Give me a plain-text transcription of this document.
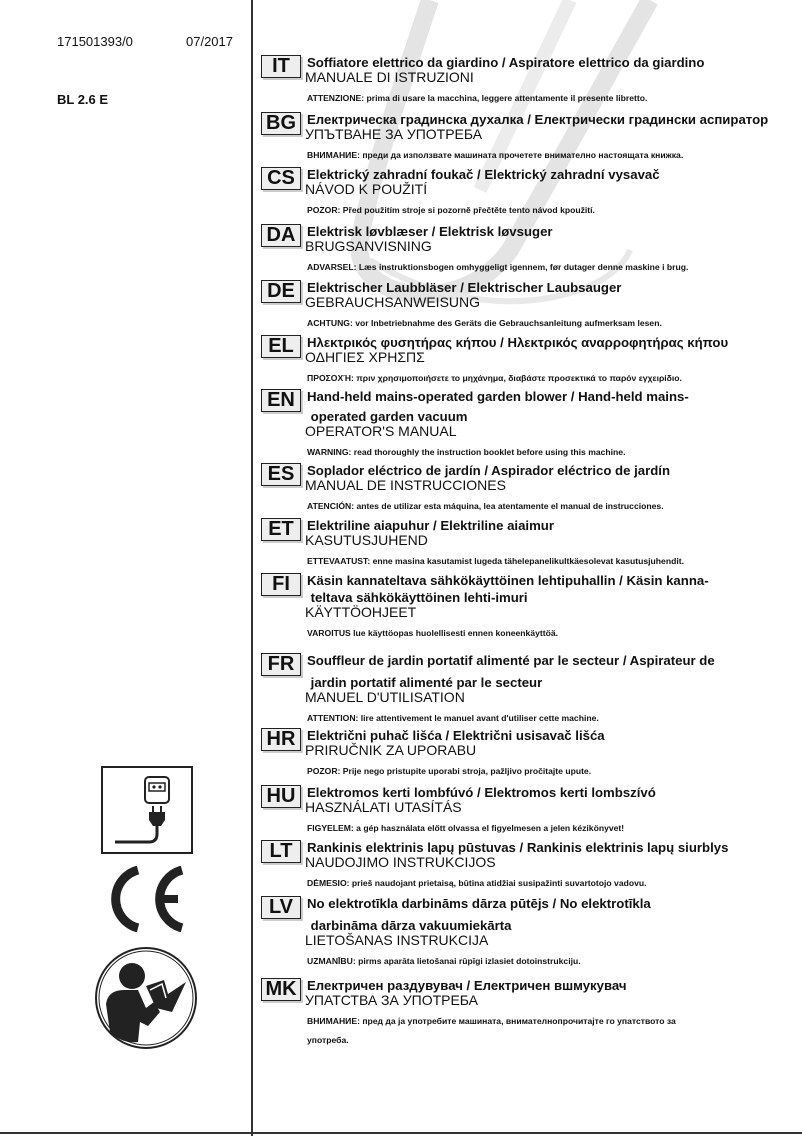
171501393/0	07/2017
BL 2.6 E
IT	Soffiatore elettrico da giardino / Aspiratore elettrico da giardino
MANUALE DI ISTRUZIONI
ATTENZIONE: prima di usare la macchina, leggere attentamente il presente libretto.
BG Електрическа градинска духалка / Електрически градински аспиратор
УПЪТВАНЕ ЗА УПОТРЕБА
ВНИМАНИЕ: преди да използвате машината прочетете внимателно настоящата книжка.
CS Elektrický zahradní foukač / Elektrický zahradní vysavač
NÁVOD K POUŽITÍ
POZOR: Před použitím stroje si pozorně přečtěte tento návod kpoužití.
DA Elektrisk løvblæser / Elektrisk løvsuger
BRUGSANVISNING
ADVARSEL: Læs instruktionsbogen omhyggeligt igennem, før dutager denne maskine i brug.
DE Elektrischer Laubbläser / Elektrischer Laubsauger
GEBRAUCHSANWEISUNG
ACHTUNG: vor Inbetriebnahme des Geräts die Gebrauchsanleitung aufmerksam lesen.
EL	Ηλεκτρικός φυσητήρας κήπου / Ηλεκτρικός αναρροφητήρας κήπου
ΟΔΗΓΙΕΣ ΧΡΗΣΠΣ
ΠΡΟΣΟΧΉ: πριν χρησιμοποιήσετε το μηχάνημα, διαβάστε προσεκτικά το παρόν εγχειρίδιο.
EN Hand-held mains-operated garden blower / Hand-held mains-
operated garden vacuum
OPERATOR'S MANUAL
WARNING: read thoroughly the instruction booklet before using this machine.
ES Soplador eléctrico de jardín / Aspirador eléctrico de jardín
MANUAL DE INSTRUCCIONES
ATENCIÓN: antes de utilizar esta máquina, lea atentamente el manual de instrucciones.
ET	Elektriline aiapuhur / Elektriline aiaimur
KASUTUSJUHEND
ETTEVAATUST: enne masina kasutamist lugeda tähelepanelikultkäesolevat kasutusjuhendit.
FI	Käsin kannateltava sähkökäyttöinen lehtipuhallin / Käsin kanna-
teltava sähkökäyttöinen lehti-imuri
KÄYTTÖOHJEET
VAROITUS lue käyttöopas huolellisesti ennen koneenkäyttöä.
FR Souffleur de jardin portatif alimenté par le secteur / Aspirateur de
jardin portatif alimenté par le secteur
MANUEL D'UTILISATION
ATTENTION: lire attentivement le manuel avant d'utiliser cette machine.
HR Električni puhač lišća / Električni usisavač lišća
PRIRUČNIK ZA UPORABU
POZOR: Prije nego pristupite uporabi stroja, pažljivo pročitajte upute.
HU Elektromos kerti lombfúvó / Elektromos kerti lombszívó
HASZNÁLATI UTASÍTÁS
FIGYELEM: a gép használata előtt olvassa el figyelmesen a jelen kézikönyvet!
LT	Rankinis elektrinis lapų pūstuvas / Rankinis elektrinis lapų siurblys
NAUDOJIMO INSTRUKCIJOS
DĖMESIO: prieš naudojant prietaisą, būtina atidžiai susipažinti suvartotojo vadovu.
LV	No elektrotīkla darbināms dārza pūtējs / No elektrotīkla
darbināma dārza vakuumiekārta
LIETOŠANAS INSTRUKCIJA
UZMANĪBU: pirms aparāta lietošanai rūpīgi izlasiet dotoinstrukciju.
MK Електричен раздувувач / Електричен вшмукувач
УПАТСТВА ЗА УПОТРЕБА
ВНИМАНИЕ: пред да ја употребите машината, внимателнопрочитајте го упатството за
употреба.
